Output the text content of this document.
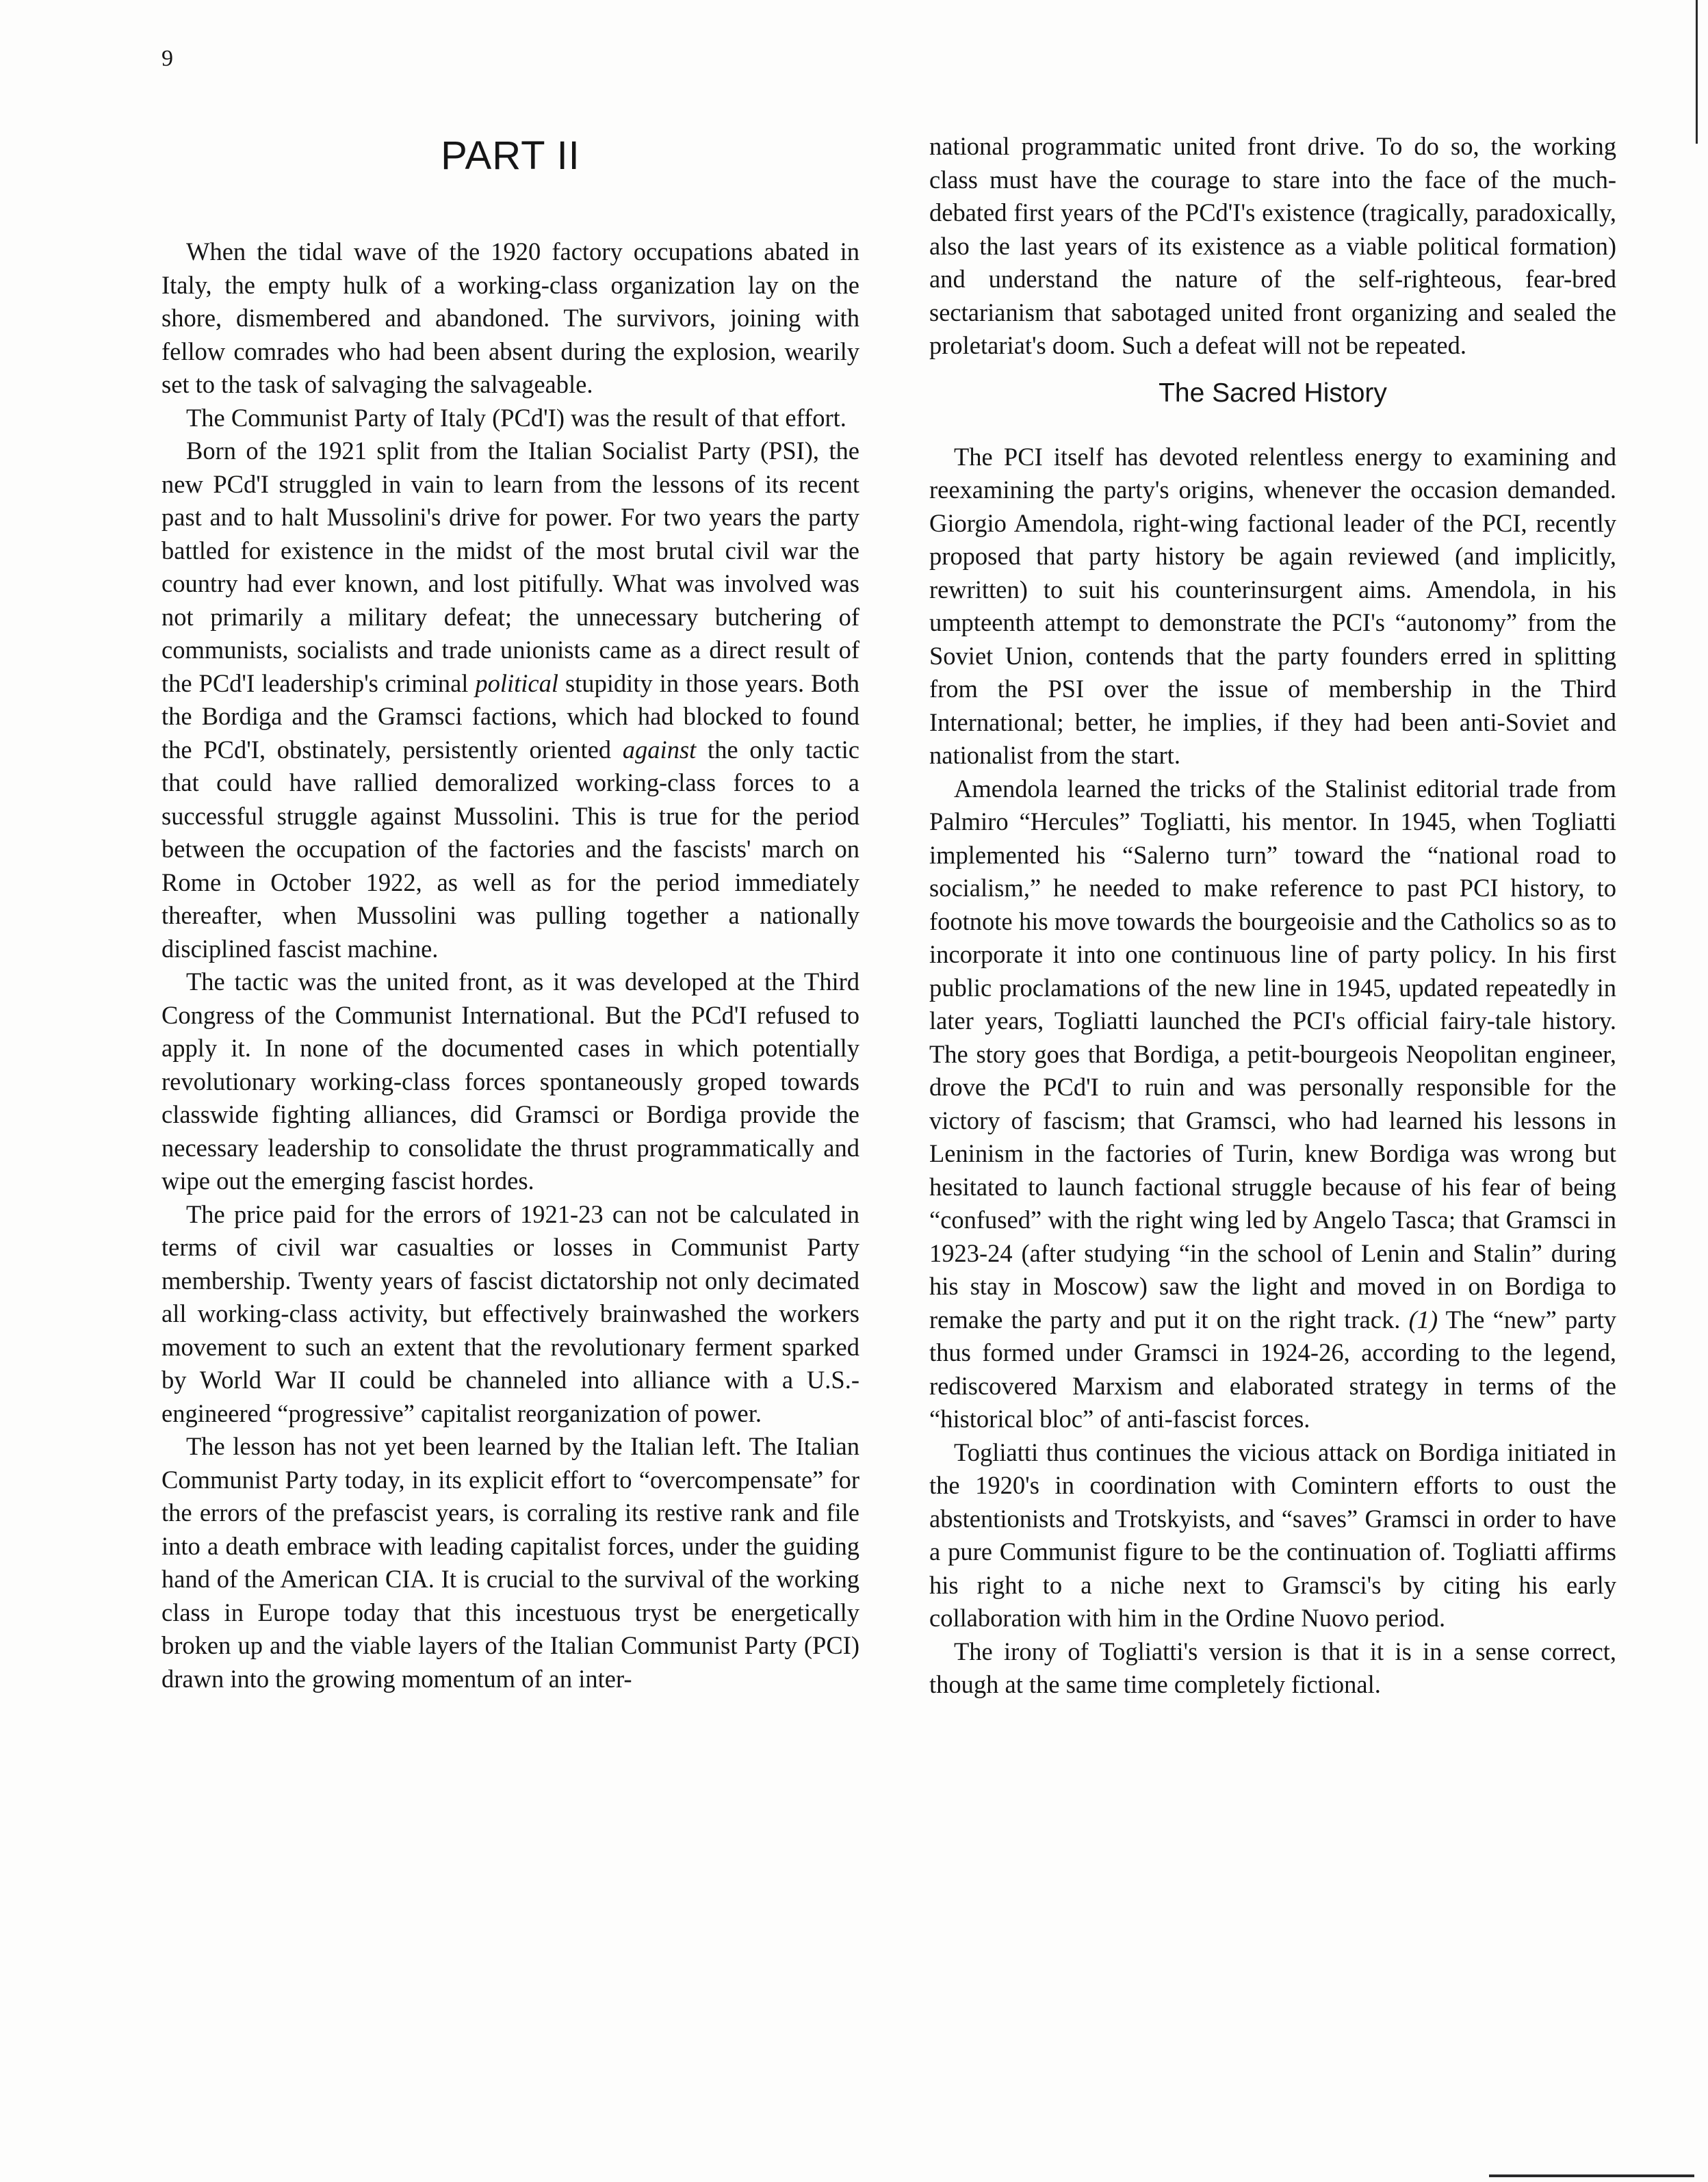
9
PART II

When the tidal wave of the 1920 factory occupations abated in Italy, the empty hulk of a working-class organization lay on the shore, dismembered and abandoned. The survivors, joining with fellow comrades who had been absent during the explosion, wearily set to the task of salvaging the salvageable.

The Communist Party of Italy (PCd'I) was the result of that effort.

Born of the 1921 split from the Italian Socialist Party (PSI), the new PCd'I struggled in vain to learn from the lessons of its recent past and to halt Mussolini's drive for power. For two years the party battled for existence in the midst of the most brutal civil war the country had ever known, and lost pitifully. What was involved was not primarily a military defeat; the unnecessary butchering of communists, socialists and trade unionists came as a direct result of the PCd'I leadership's criminal political stupidity in those years. Both the Bordiga and the Gramsci factions, which had blocked to found the PCd'I, obstinately, persistently oriented against the only tactic that could have rallied demoralized working-class forces to a successful struggle against Mussolini. This is true for the period between the occupation of the factories and the fascists' march on Rome in October 1922, as well as for the period immediately thereafter, when Mussolini was pulling together a nationally disciplined fascist machine.

The tactic was the united front, as it was developed at the Third Congress of the Communist International. But the PCd'I refused to apply it. In none of the documented cases in which potentially revolutionary working-class forces spontaneously groped towards classwide fighting alliances, did Gramsci or Bordiga provide the necessary leadership to consolidate the thrust programmatically and wipe out the emerging fascist hordes.

The price paid for the errors of 1921-23 can not be calculated in terms of civil war casualties or losses in Communist Party membership. Twenty years of fascist dictatorship not only decimated all working-class activity, but effectively brainwashed the workers movement to such an extent that the revolutionary ferment sparked by World War II could be channeled into alliance with a U.S.-engineered “progressive” capitalist reorganization of power.

The lesson has not yet been learned by the Italian left. The Italian Communist Party today, in its explicit effort to “overcompensate” for the errors of the prefascist years, is corraling its restive rank and file into a death embrace with leading capitalist forces, under the guiding hand of the American CIA. It is crucial to the survival of the working class in Europe today that this incestuous tryst be energetically broken up and the viable layers of the Italian Communist Party (PCI) drawn into the growing momentum of an inter-

national programmatic united front drive. To do so, the working class must have the courage to stare into the face of the much-debated first years of the PCd'I's existence (tragically, paradoxically, also the last years of its existence as a viable political formation) and understand the nature of the self-righteous, fear-bred sectarianism that sabotaged united front organizing and sealed the proletariat's doom. Such a defeat will not be repeated.

The Sacred History

The PCI itself has devoted relentless energy to examining and reexamining the party's origins, whenever the occasion demanded. Giorgio Amendola, right-wing factional leader of the PCI, recently proposed that party history be again reviewed (and implicitly, rewritten) to suit his counterinsurgent aims. Amendola, in his umpteenth attempt to demonstrate the PCI's “autonomy” from the Soviet Union, contends that the party founders erred in splitting from the PSI over the issue of membership in the Third International; better, he implies, if they had been anti-Soviet and nationalist from the start.

Amendola learned the tricks of the Stalinist editorial trade from Palmiro “Hercules” Togliatti, his mentor. In 1945, when Togliatti implemented his “Salerno turn” toward the “national road to socialism,” he needed to make reference to past PCI history, to footnote his move towards the bourgeoisie and the Catholics so as to incorporate it into one continuous line of party policy. In his first public proclamations of the new line in 1945, updated repeatedly in later years, Togliatti launched the PCI's official fairy-tale history. The story goes that Bordiga, a petit-bourgeois Neopolitan engineer, drove the PCd'I to ruin and was personally responsible for the victory of fascism; that Gramsci, who had learned his lessons in Leninism in the factories of Turin, knew Bordiga was wrong but hesitated to launch factional struggle because of his fear of being “confused” with the right wing led by Angelo Tasca; that Gramsci in 1923-24 (after studying “in the school of Lenin and Stalin” during his stay in Moscow) saw the light and moved in on Bordiga to remake the party and put it on the right track. (1) The “new” party thus formed under Gramsci in 1924-26, according to the legend, rediscovered Marxism and elaborated strategy in terms of the “historical bloc” of anti-fascist forces.

Togliatti thus continues the vicious attack on Bordiga initiated in the 1920's in coordination with Comintern efforts to oust the abstentionists and Trotskyists, and “saves” Gramsci in order to have a pure Communist figure to be the continuation of. Togliatti affirms his right to a niche next to Gramsci's by citing his early collaboration with him in the Ordine Nuovo period.

The irony of Togliatti's version is that it is in a sense correct, though at the same time completely fictional.
